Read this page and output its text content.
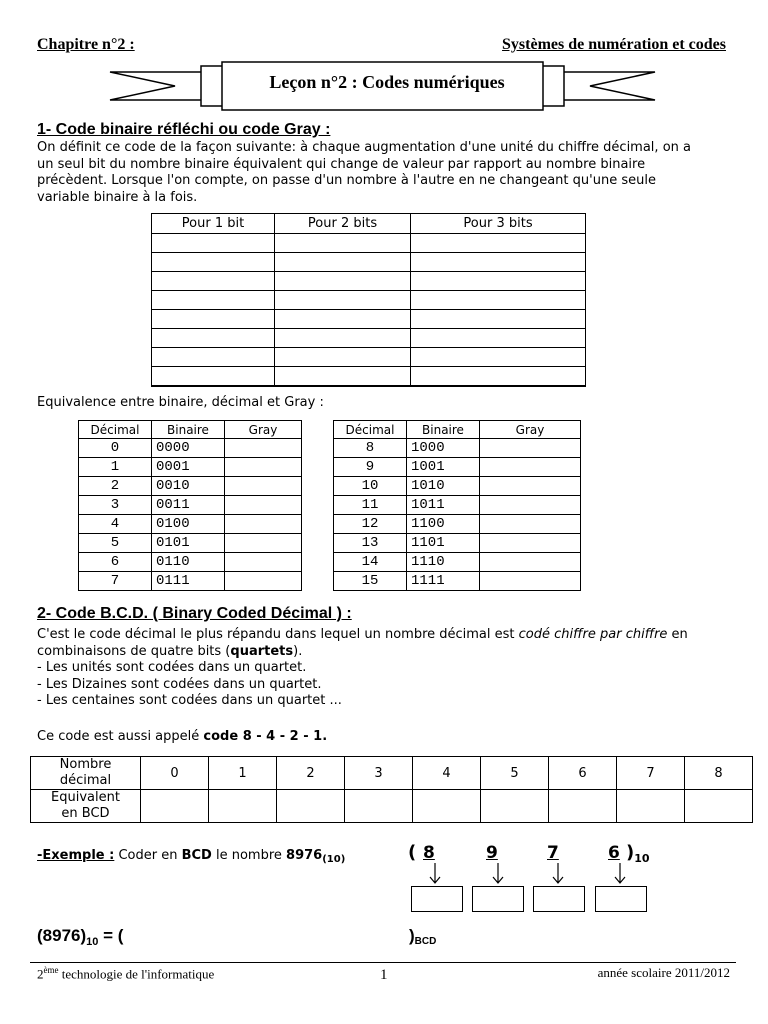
Chapitre n°2 :	Systèmes de numération et codes
Leçon n°2 : Codes numériques
1- Code binaire réfléchi ou code Gray :
On définit ce code de la façon suivante: à chaque augmentation d'une unité du chiffre décimal, on a
un seul bit du nombre binaire équivalent qui change de valeur par rapport au nombre binaire
précèdent. Lorsque l'on compte, on passe d'un nombre à l'autre en ne changeant qu'une seule
variable binaire à la fois.
Pour 1 bit	Pour 2 bits	Pour 3 bits

Equivalence entre binaire, décimal et Gray :
Décimal	Binaire	Gray
0	0000	
1	0001	
2	0010	
3	0011	
4	0100	
5	0101	
6	0110	
7	0111	
Décimal	Binaire	Gray
8	1000	
9	1001	
10	1010	
11	1011	
12	1100	
13	1101	
14	1110	
15	1111	
2- Code B.C.D. ( Binary Coded Décimal ) :
C'est le code décimal le plus répandu dans lequel un nombre décimal est codé chiffre par chiffre en
combinaisons de quatre bits (quartets).
- Les unités sont codées dans un quartet.
- Les Dizaines sont codées dans un quartet.
- Les centaines sont codées dans un quartet ...
Ce code est aussi appelé code 8 - 4 - 2 - 1.
Nombre
décimal	0	1	2	3	4	5	6	7	8

Equivalent
en BCD									

-Exemple : Coder en BCD le nombre $8976_{(10)}$	( 8	9	7	6 )$_{10}$
$(8976)_{10}$ = (	)BCD
2ème technologie de l'informatique	1	année scolaire 2011/2012
